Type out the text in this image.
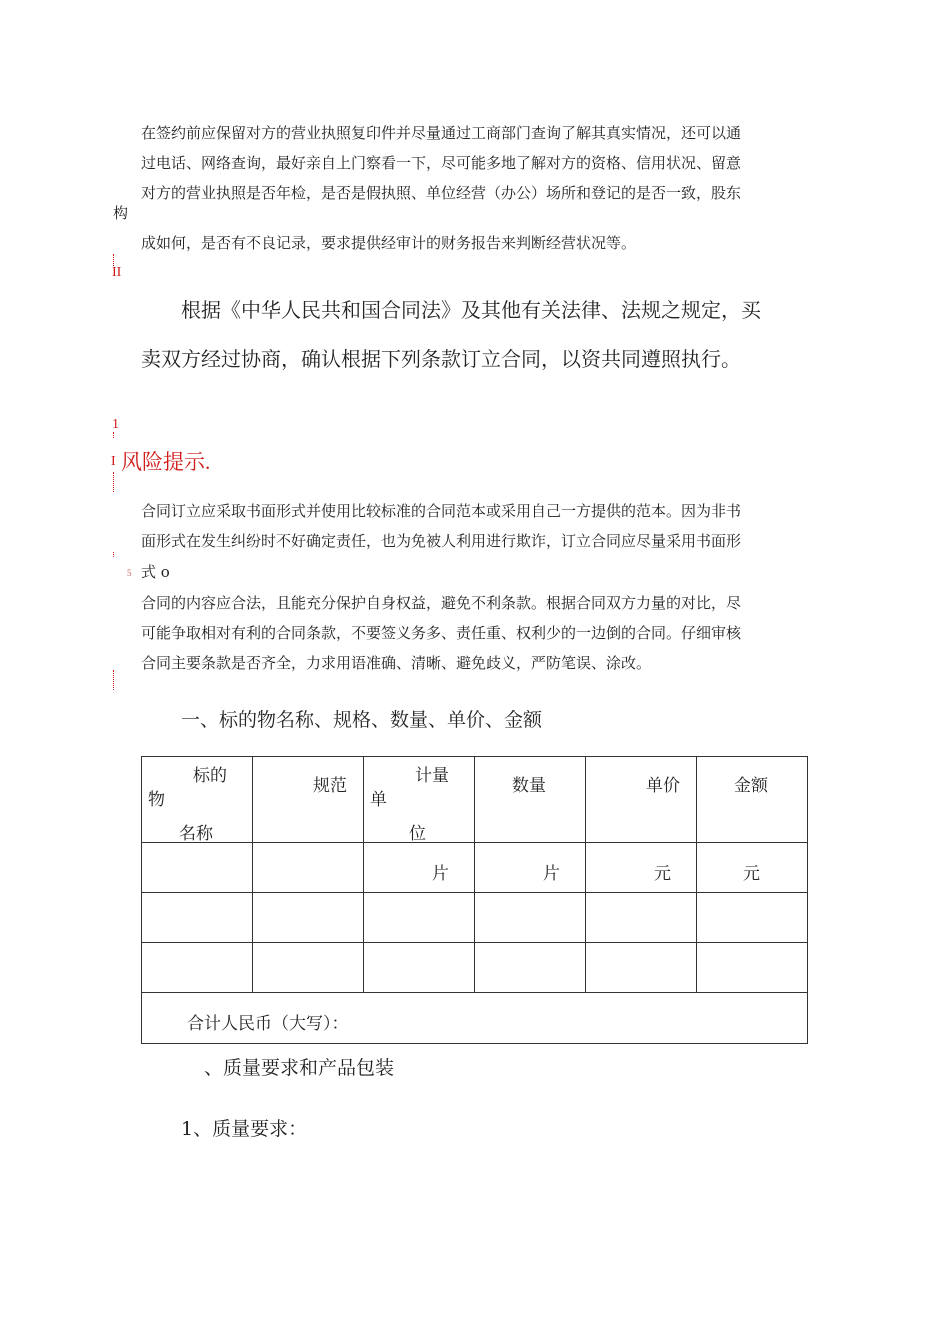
在签约前应保留对方的营业执照复印件并尽量通过工商部门查询了解其真实情况，还可以通
过电话、网络查询，最好亲自上门察看一下，尽可能多地了解对方的资格、信用状况、留意
对方的营业执照是否年检，是否是假执照、单位经营（办公）场所和登记的是否一致，股东
构
成如何，是否有不良记录，要求提供经审计的财务报告来判断经营状况等。
II
根据《中华人民共和国合同法》及其他有关法律、法规之规定，买
卖双方经过协商，确认根据下列条款订立合同，以资共同遵照执行。
1
I 风险提示.
合同订立应采取书面形式并使用比较标准的合同范本或采用自己一方提供的范本。因为非书
面形式在发生纠纷时不好确定责任，也为免被人利用进行欺诈，订立合同应尽量采用书面形
式 o
5
合同的内容应合法，且能充分保护自身权益，避免不利条款。根据合同双方力量的对比，尽
可能争取相对有利的合同条款，不要签义务多、责任重、权利少的一边倒的合同。仔细审核
合同主要条款是否齐全，力求用语准确、清晰、避免歧义，严防笔误、涂改。
一、标的物名称、规格、数量、单价、金额
标的
物
名称	规范	计量
单
位	数量	单价	金额

		片	片	元	元

合计人民币（大写）：					
、质量要求和产品包装
1、质量要求：
